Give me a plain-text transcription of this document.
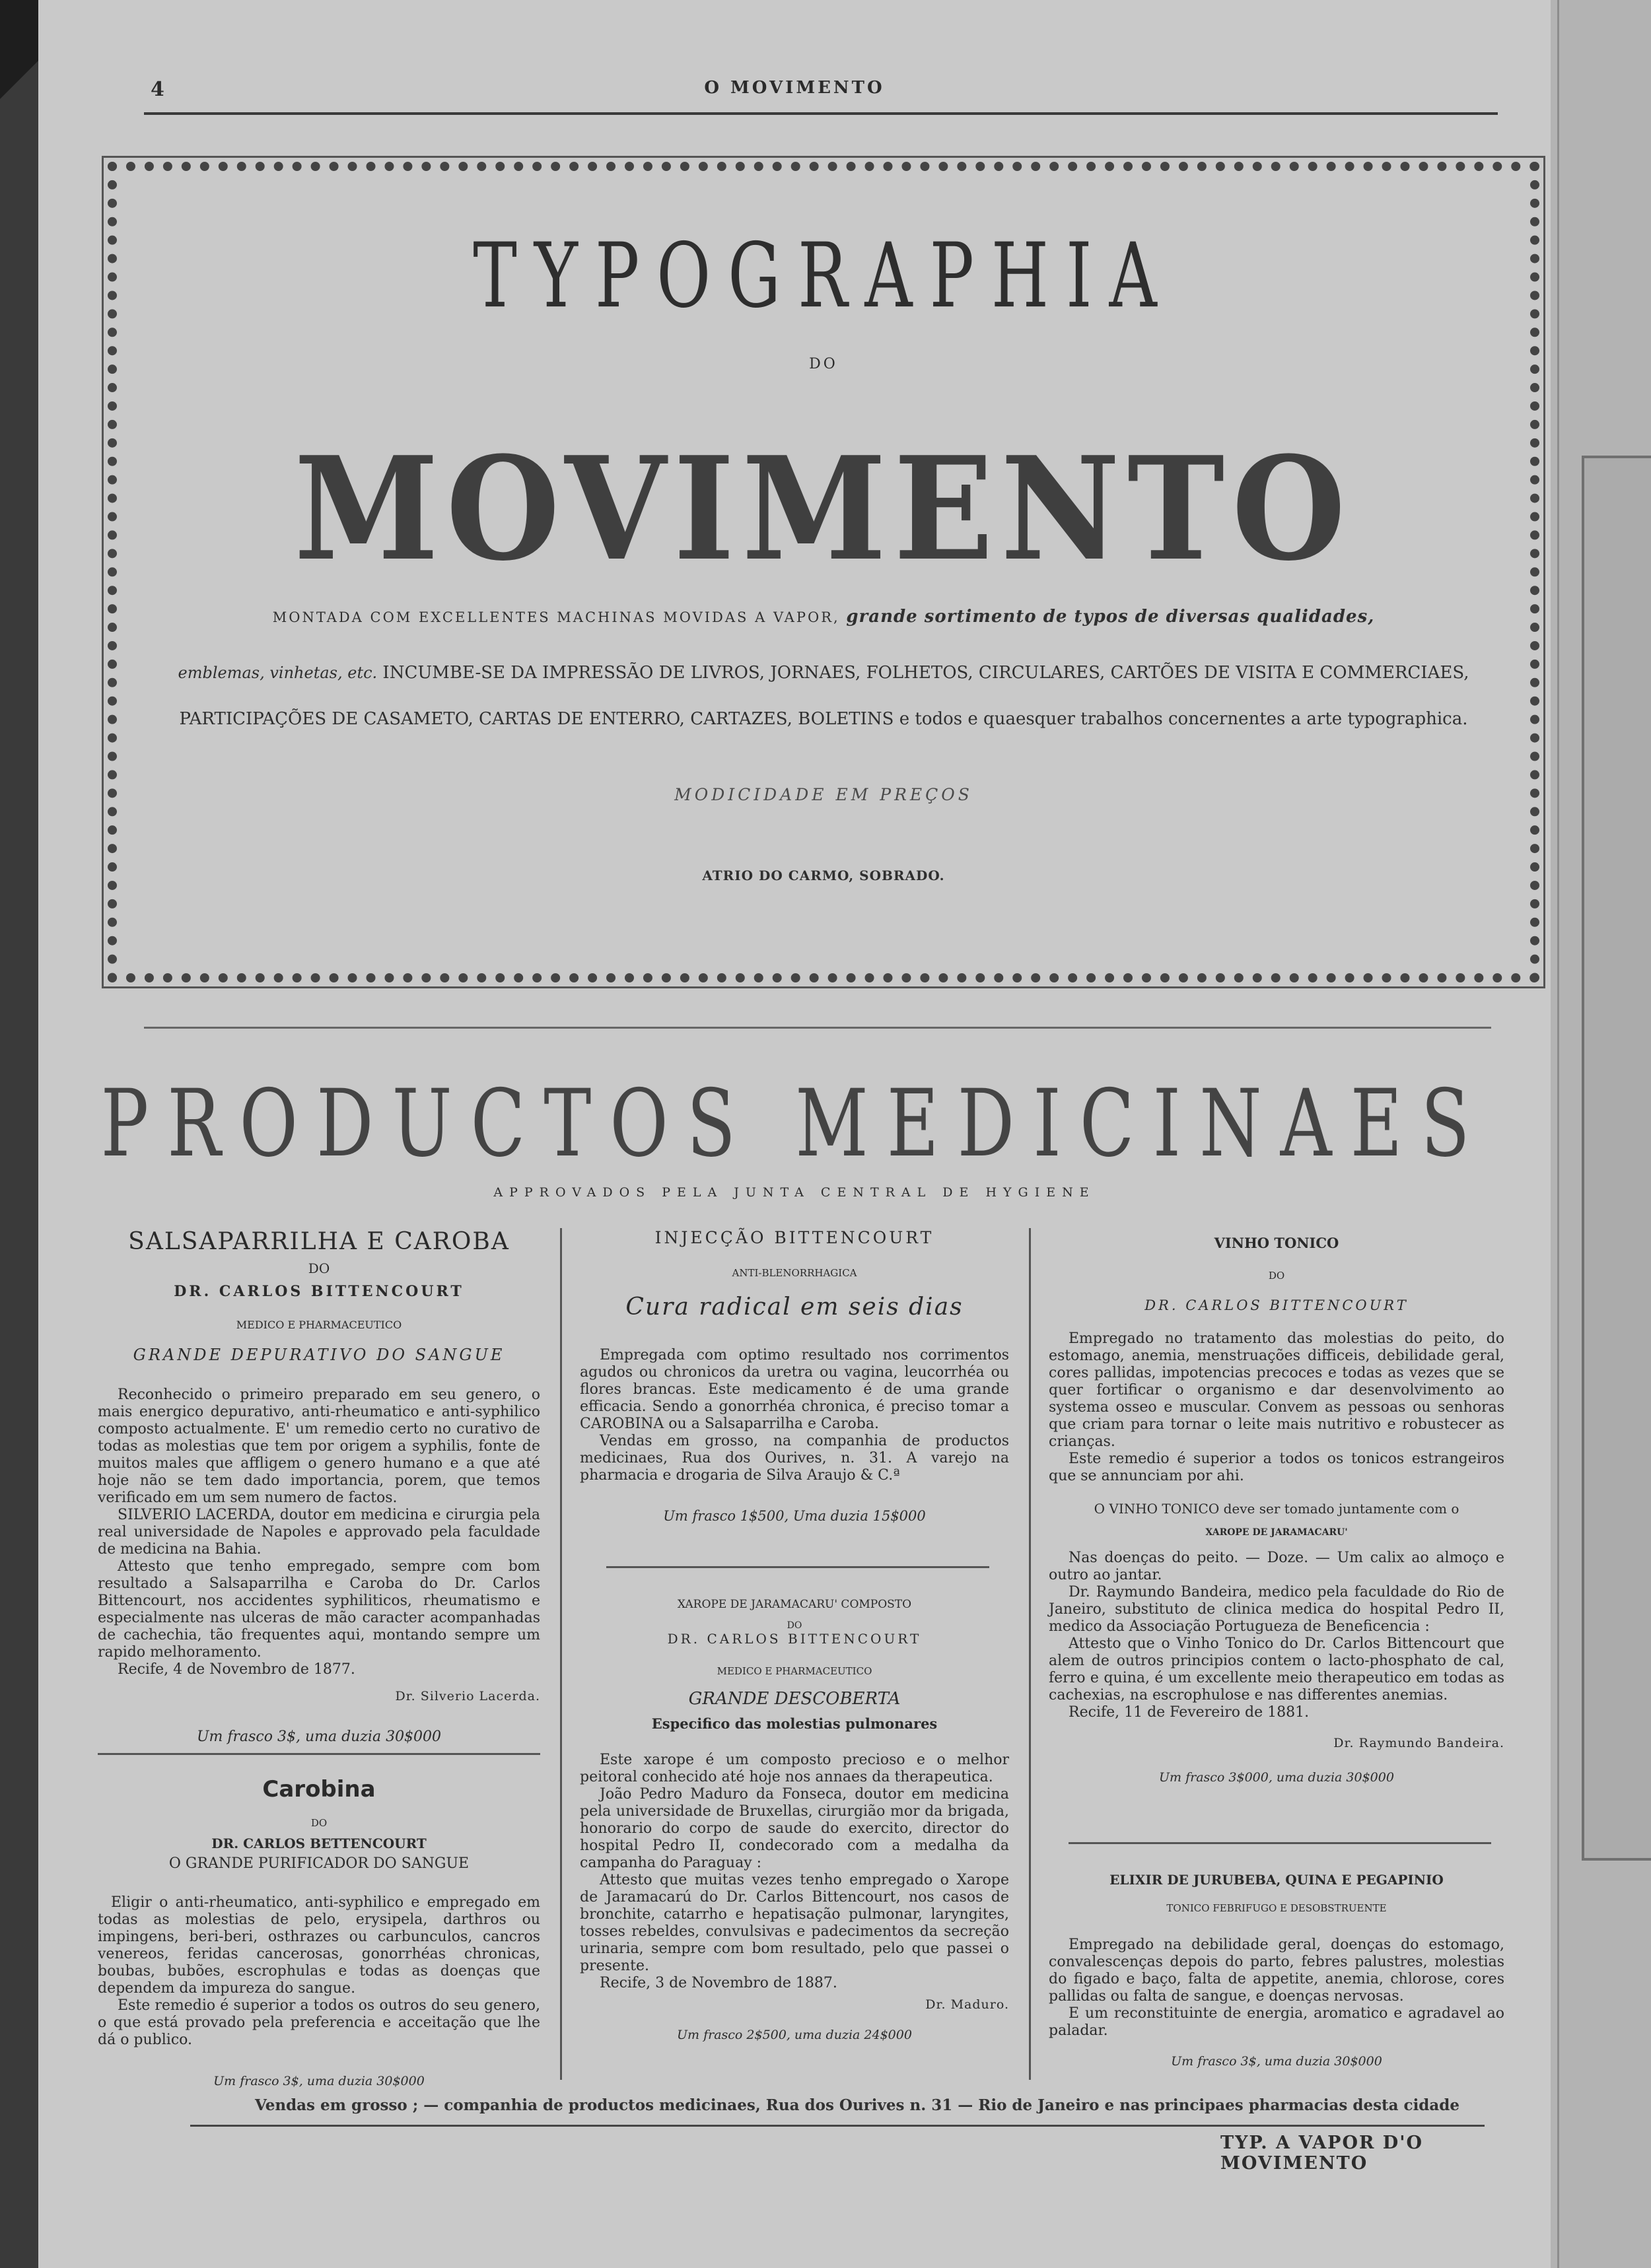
4	O MOVIMENTO
TYPOGRAPHIA
DO
MOVIMENTO
MONTADA COM EXCELLENTES MACHINAS MOVIDAS A VAPOR, grande sortimento de typos de diversas qualidades,
emblemas, vinhetas, etc. INCUMBE-SE DA IMPRESSÃO DE LIVROS, JORNAES, FOLHETOS, CIRCULARES, CARTÕES DE VISITA E COMMERCIAES,
PARTICIPAÇÕES DE CASAMETO, CARTAS DE ENTERRO, CARTAZES, BOLETINS e todos e quaesquer trabalhos concernentes a arte typographica.
MODICIDADE EM PREÇOS
ATRIO DO CARMO, SOBRADO.
PRODUCTOS MEDICINAES
APPROVADOS PELA JUNTA CENTRAL DE HYGIENE
SALSAPARRILHA E CAROBA
DO
DR. CARLOS BITTENCOURT
MEDICO E PHARMACEUTICO
GRANDE DEPURATIVO DO SANGUE
Reconhecido o primeiro preparado em seu genero, o mais energico depurativo, anti-rheumatico e anti-syphilico composto actualmente. E' um remedio certo no curativo de todas as molestias que tem por origem a syphilis, fonte de muitos males que affligem o genero humano e a que até hoje não se tem dado importancia, porem, que temos verificado em um sem numero de factos.
SILVERIO LACERDA, doutor em medicina e cirurgia pela real universidade de Napoles e approvado pela faculdade de medicina na Bahia.
Attesto que tenho empregado, sempre com bom resultado a Salsaparrilha e Caroba do Dr. Carlos Bittencourt, nos accidentes syphiliticos, rheumatismo e especialmente nas ulceras de mão caracter acompanhadas de cachechia, tão frequentes aqui, montando sempre um rapido melhoramento.
Recife, 4 de Novembro de 1877.
Dr. Silverio Lacerda.
Um frasco 3$, uma duzia 30$000
Carobina
DO
DR. CARLOS BETTENCOURT
O GRANDE PURIFICADOR DO SANGUE
Eligir o anti-rheumatico, anti-syphilico e empregado em todas as molestias de pelo, erysipela, darthros ou impingens, beri-beri, osthrazes ou carbunculos, cancros venereos, feridas cancerosas, gonorrhéas chronicas, boubas, bubões, escrophulas e todas as doenças que dependem da impureza do sangue.
Este remedio é superior a todos os outros do seu genero, o que está provado pela preferencia e acceitação que lhe dá o publico.
Um frasco 3$, uma duzia 30$000
INJECÇÃO BITTENCOURT
ANTI-BLENORRHAGICA
Cura radical em seis dias
Empregada com optimo resultado nos corrimentos agudos ou chronicos da uretra ou vagina, leucorrhéa ou flores brancas. Este medicamento é de uma grande efficacia. Sendo a gonorrhéa chronica, é preciso tomar a CAROBINA ou a Salsaparrilha e Caroba.
Vendas em grosso, na companhia de productos medicinaes, Rua dos Ourives, n. 31. A varejo na pharmacia e drogaria de Silva Araujo & C.ª
Um frasco 1$500, Uma duzia 15$000
XAROPE DE JARAMACARU' COMPOSTO
DO
DR. CARLOS BITTENCOURT
MEDICO E PHARMACEUTICO
GRANDE DESCOBERTA
Especifico das molestias pulmonares
Este xarope é um composto precioso e o melhor peitoral conhecido até hoje nos annaes da therapeutica.
João Pedro Maduro da Fonseca, doutor em medicina pela universidade de Bruxellas, cirurgião mor da brigada, honorario do corpo de saude do exercito, director do hospital Pedro II, condecorado com a medalha da campanha do Paraguay :
Attesto que muitas vezes tenho empregado o Xarope de Jaramacarú do Dr. Carlos Bittencourt, nos casos de bronchite, catarrho e hepatisação pulmonar, laryngites, tosses rebeldes, convulsivas e padecimentos da secreção urinaria, sempre com bom resultado, pelo que passei o presente.
Recife, 3 de Novembro de 1887.
Dr. Maduro.
Um frasco 2$500, uma duzia 24$000
VINHO TONICO
DO
DR. CARLOS BITTENCOURT
Empregado no tratamento das molestias do peito, do estomago, anemia, menstruações difficeis, debilidade geral, cores pallidas, impotencias precoces e todas as vezes que se quer fortificar o organismo e dar desenvolvimento ao systema osseo e muscular. Convem as pessoas ou senhoras que criam para tornar o leite mais nutritivo e robustecer as crianças.
Este remedio é superior a todos os tonicos estrangeiros que se annunciam por ahi.
O VINHO TONICO deve ser tomado juntamente com o
XAROPE DE JARAMACARU'
Nas doenças do peito. — Doze. — Um calix ao almoço e outro ao jantar.
Dr. Raymundo Bandeira, medico pela faculdade do Rio de Janeiro, substituto de clinica medica do hospital Pedro II, medico da Associação Portugueza de Beneficencia :
Attesto que o Vinho Tonico do Dr. Carlos Bittencourt que alem de outros principios contem o lacto-phosphato de cal, ferro e quina, é um excellente meio therapeutico em todas as cachexias, na escrophulose e nas differentes anemias.
Recife, 11 de Fevereiro de 1881.
Dr. Raymundo Bandeira.
Um frasco 3$000, uma duzia 30$000
ELIXIR DE JURUBEBA, QUINA E PEGAPINIO
TONICO FEBRIFUGO E DESOBSTRUENTE
Empregado na debilidade geral, doenças do estomago, convalescenças depois do parto, febres palustres, molestias do figado e baço, falta de appetite, anemia, chlorose, cores pallidas ou falta de sangue, e doenças nervosas.
E um reconstituinte de energia, aromatico e agradavel ao paladar.
Um frasco 3$, uma duzia 30$000
Vendas em grosso ; — companhia de productos medicinaes, Rua dos Ourives n. 31 — Rio de Janeiro e nas principaes pharmacias desta cidade
TYP. A VAPOR D'O MOVIMENTO
